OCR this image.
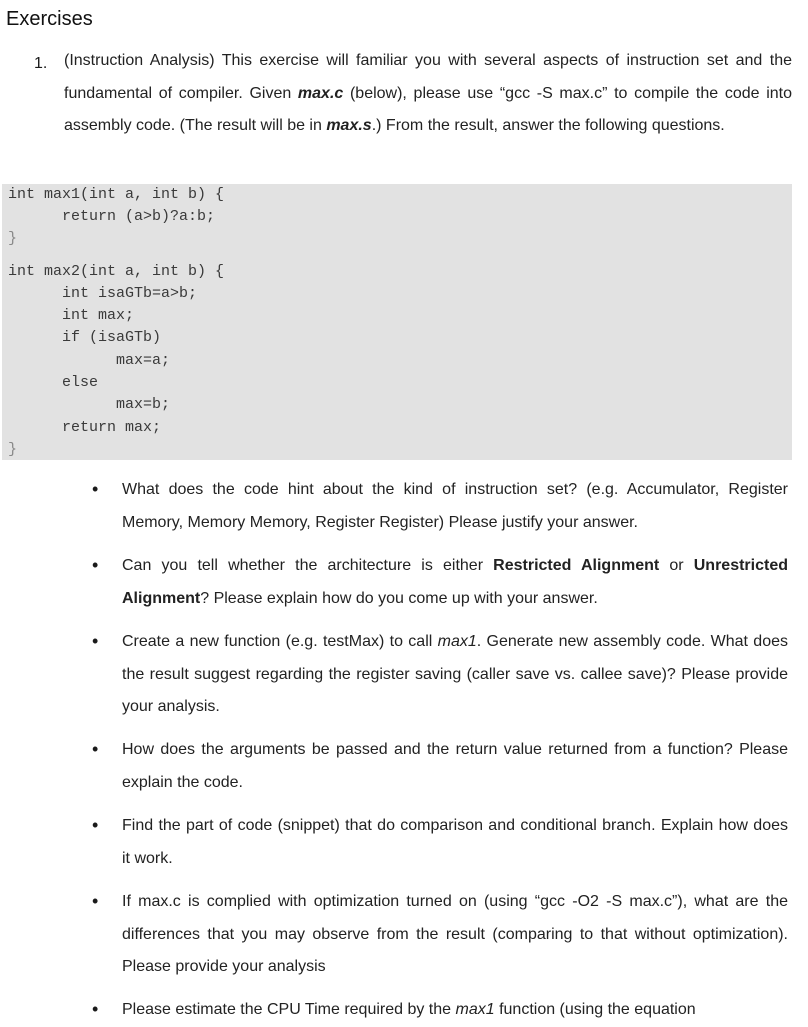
Exercises
1. (Instruction Analysis) This exercise will familiar you with several aspects of instruction set and the fundamental of compiler. Given max.c (below), please use “gcc -S max.c” to compile the code into assembly code. (The result will be in max.s.) From the result, answer the following questions.
int max1(int a, int b) {
return (a>b)?a:b;
}
int max2(int a, int b) {
int isaGTb=a>b;
int max;
if (isaGTb)
max=a;
else
max=b;
return max;
}
• What does the code hint about the kind of instruction set? (e.g. Accumulator, Register Memory, Memory Memory, Register Register) Please justify your answer.
• Can you tell whether the architecture is either Restricted Alignment or Unrestricted Alignment? Please explain how do you come up with your answer.
• Create a new function (e.g. testMax) to call max1. Generate new assembly code. What does the result suggest regarding the register saving (caller save vs. callee save)? Please provide your analysis.
• How does the arguments be passed and the return value returned from a function? Please explain the code.
• Find the part of code (snippet) that do comparison and conditional branch. Explain how does it work.
• If max.c is complied with optimization turned on (using “gcc -O2 -S max.c”), what are the differences that you may observe from the result (comparing to that without optimization). Please provide your analysis
• Please estimate the CPU Time required by the max1 function (using the equation
